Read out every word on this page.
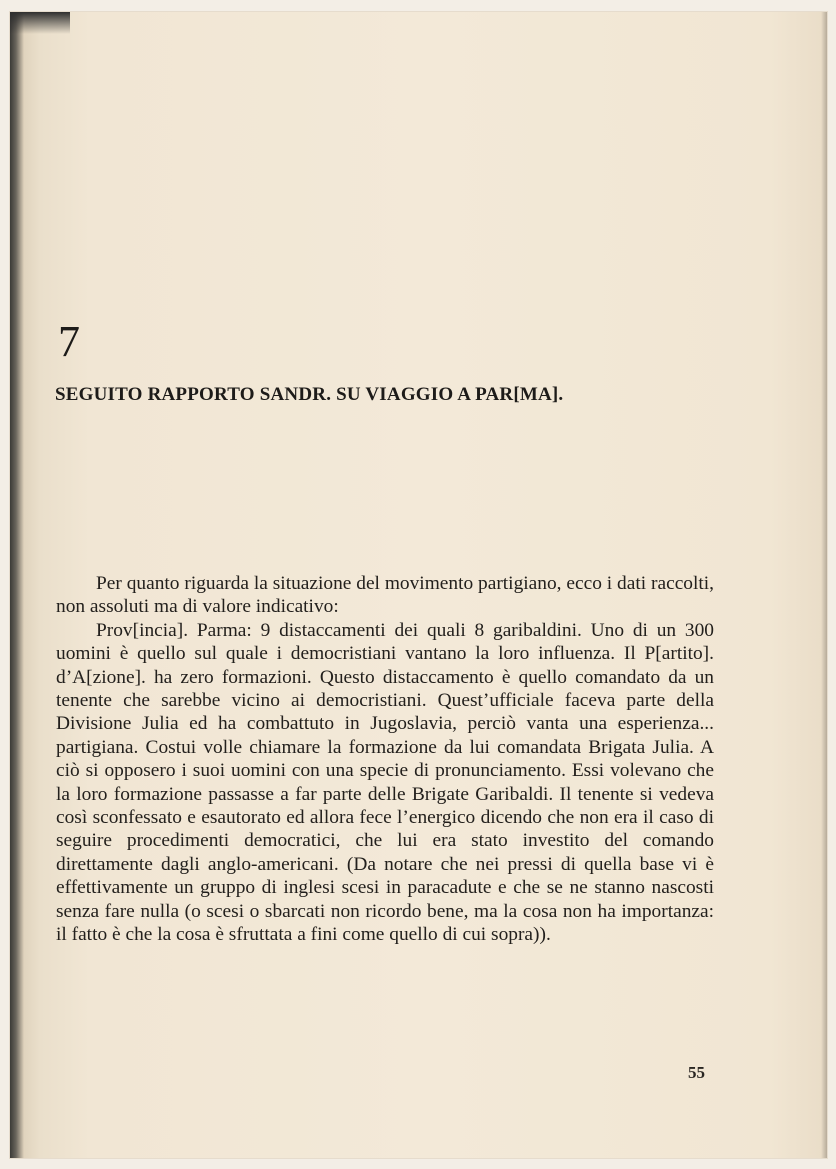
7
SEGUITO RAPPORTO SANDR. SU VIAGGIO A PAR[MA].

Per quanto riguarda la situazione del movimento partigiano, ecco i dati raccolti, non assoluti ma di valore indicativo:

Prov[incia]. Parma: 9 distaccamenti dei quali 8 garibaldini. Uno di un 300 uomini è quello sul quale i democristiani vantano la loro influenza. Il P[artito]. d’A[zione]. ha zero formazioni. Questo distaccamento è quello comandato da un tenente che sarebbe vicino ai democristiani. Quest’ufficiale faceva parte della Divisione Julia ed ha combattuto in Jugoslavia, perciò vanta una esperienza... partigiana. Costui volle chiamare la formazione da lui comandata Brigata Julia. A ciò si opposero i suoi uomini con una specie di pronunciamento. Essi volevano che la loro formazione passasse a far parte delle Brigate Garibaldi. Il tenente si vedeva così sconfessato e esautorato ed allora fece l’energico dicendo che non era il caso di seguire procedimenti democratici, che lui era stato investito del comando direttamente dagli anglo-americani. (Da notare che nei pressi di quella base vi è effettivamente un gruppo di inglesi scesi in paracadute e che se ne stanno nascosti senza fare nulla (o scesi o sbarcati non ricordo bene, ma la cosa non ha importanza: il fatto è che la cosa è sfruttata a fini come quello di cui sopra)).

55
